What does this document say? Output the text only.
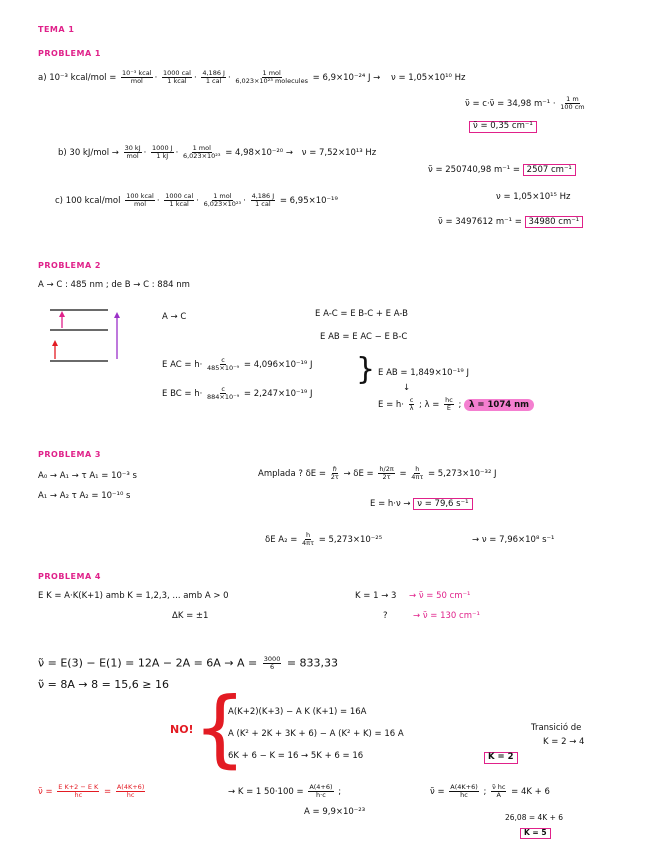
TEMA 1
PROBLEMA 1
a) 10⁻³ kcal/mol = $\frac{\text{10⁻³ kcal}}{\text{mol}} \cdot \frac{\text{1000 cal}}{\text{1 kcal}} \cdot \frac{4,186 J}{\text{1 cal}} \cdot \frac{\text{1 mol}}{\text{6,023×10²³ molecules}} = 6,9\times 10^{-24}$ J → ν = 1,05×10¹⁰ Hz
ν̃ = c·ν̃ = 34,98 $m^{-1} \cdot \frac{1 m}{100 cm}$
ν̃ = 0,35 cm⁻¹
b) 30 $kJ/mol \to \frac{30 kJ}{\text{mol}} \cdot \frac{1000 J}{1 kJ} \cdot \frac{\text{1 mol}}{\text{6,023×10²³}} = 4,98\times 10^{-20} \to \nu = 7,52\times 10^{13}$ Hz
ν̃ = 250740,98 m⁻¹ = 2507 cm⁻¹
c) 100 kcal/mol $\frac{\text{100 kcal}}{\text{mol}} \cdot \frac{\text{1000 cal}}{\text{1 kcal}} \cdot \frac{\text{1 mol}}{\text{6,023×10²³}} \cdot \frac{4,186 J}{\text{1 cal}} = 6,95\times 10^{-19}$	ν = 1,05×10¹⁵ Hz
ν̃ = 3497612 m⁻¹ = 34980 cm⁻¹
PROBLEMA 2
A → C : 485 nm ; de B → C : 884 nm
A → C	E A-C = E B-C + E A-B
E AB = E AC − E B-C
E AC = $h\cdot \frac{c}{\text{485×10⁻⁹}} = 4,096\times 10^{-19}$ J
E BC = $h\cdot \frac{c}{\text{884×10⁻⁹}} = 2,247\times 10^{-19}$ J
} E AB = 1,849×10⁻¹⁹ J
↓
$E = h\cdot \frac{c}{\lambda}$ ; $\lambda = \frac{hc}{E}$ ; λ = 1074 nm
PROBLEMA 3
A₀ → A₁ → τ A₁ = 10⁻³ s
A₁ → A₂ τ A₂ = 10⁻¹⁰ s
Amplada ? $\delta E = \frac{\text{ℏ}}{2\tau} \to \delta E = \frac{h/2\pi}{2\tau} = \frac{h}{4\pi\tau} = 5,273\times 10^{-32}$ J
E = h·ν → ν = 79,6 s⁻¹
δE $A_2 = \frac{h}{4\pi\tau} = 5,273\times 10^{-25}$	→ ν = 7,96×10⁸ s⁻¹
PROBLEMA 4
E K = A·K(K+1) amb K = 1,2,3, ... amb A > 0	K = 1 → 3 → ν̃ = 50 cm⁻¹
ΔK = ±1	?	→ ν̃ = 130 cm⁻¹
ν̃ = $E(3) - E(1) = 12A - 2A = 6A \to A = \frac{3000}{6} = 833,33$
ν̃ = 8A → 8 = 15,6 ≥ 16
NO! {
A(K+2)(K+3) − A K (K+1) = 16A
A (K² + 2K + 3K + 6) − A (K² + K) = 16 A
6K + 6 − K = 16 → 5K + 6 = 16	K = 2
Transició de
K = 2 → 4
ν̃ = $\frac{\text{E K+2 − E K}}{hc} = \frac{A(4K+6)}{hc}$	→ K = 1 $50\cdot 100 = \frac{A(4+6)}{h\cdot c}$ ;
A = 9,9×10⁻²³
ν̃ = $\frac{A(4K+6)}{hc}$ ; $\frac{\nũ hc}{A} = 4K + 6$
26,08 = 4K + 6
K = 5
